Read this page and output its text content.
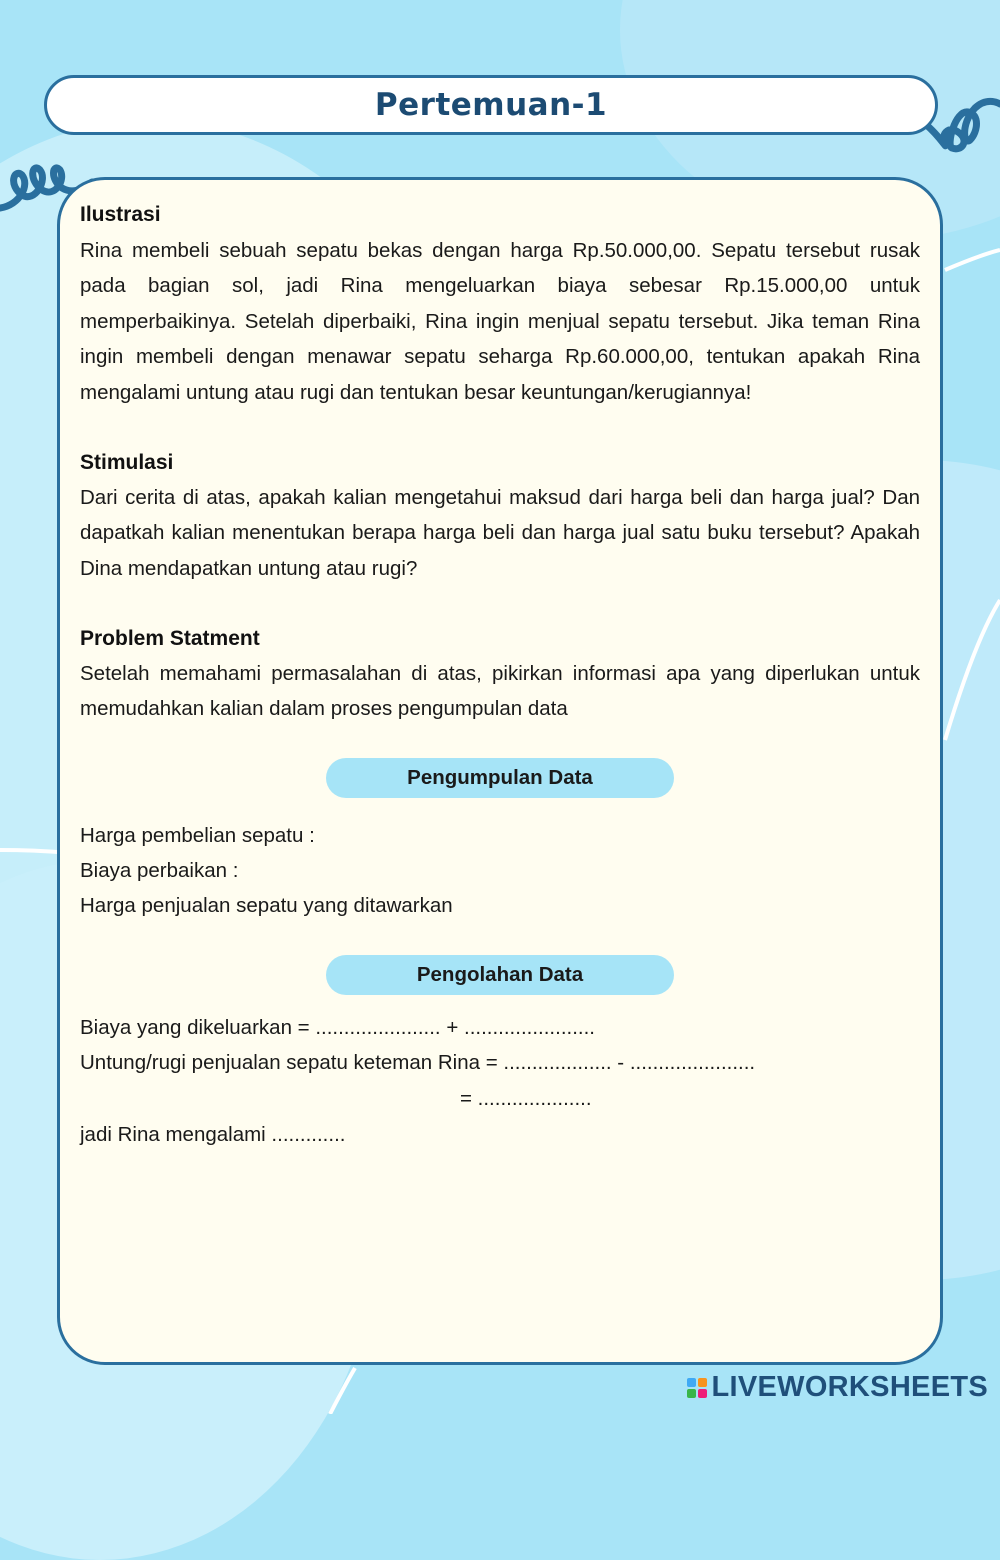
Pertemuan-1
Ilustrasi

Rina membeli sebuah sepatu bekas dengan harga Rp.50.000,00. Sepatu tersebut rusak pada bagian sol, jadi Rina mengeluarkan biaya sebesar Rp.15.000,00 untuk memperbaikinya. Setelah diperbaiki, Rina ingin menjual sepatu tersebut. Jika teman Rina ingin membeli dengan menawar sepatu seharga Rp.60.000,00, tentukan apakah Rina mengalami untung atau rugi dan tentukan besar keuntungan/kerugiannya!

Stimulasi

Dari cerita di atas, apakah kalian mengetahui maksud dari harga beli dan harga jual? Dan dapatkah kalian menentukan berapa harga beli dan harga jual satu buku tersebut? Apakah Dina mendapatkan untung atau rugi?

Problem Statment

Setelah memahami permasalahan di atas, pikirkan informasi apa yang diperlukan untuk memudahkan kalian dalam proses pengumpulan data

Pengumpulan Data
Harga pembelian sepatu :
Biaya perbaikan :
Harga penjualan sepatu yang ditawarkan
Pengolahan Data
Biaya yang dikeluarkan = ...................... + .......................
Untung/rugi penjualan sepatu keteman Rina = ................... - ......................
= ....................
jadi Rina mengalami .............
LIVEWORKSHEETS
